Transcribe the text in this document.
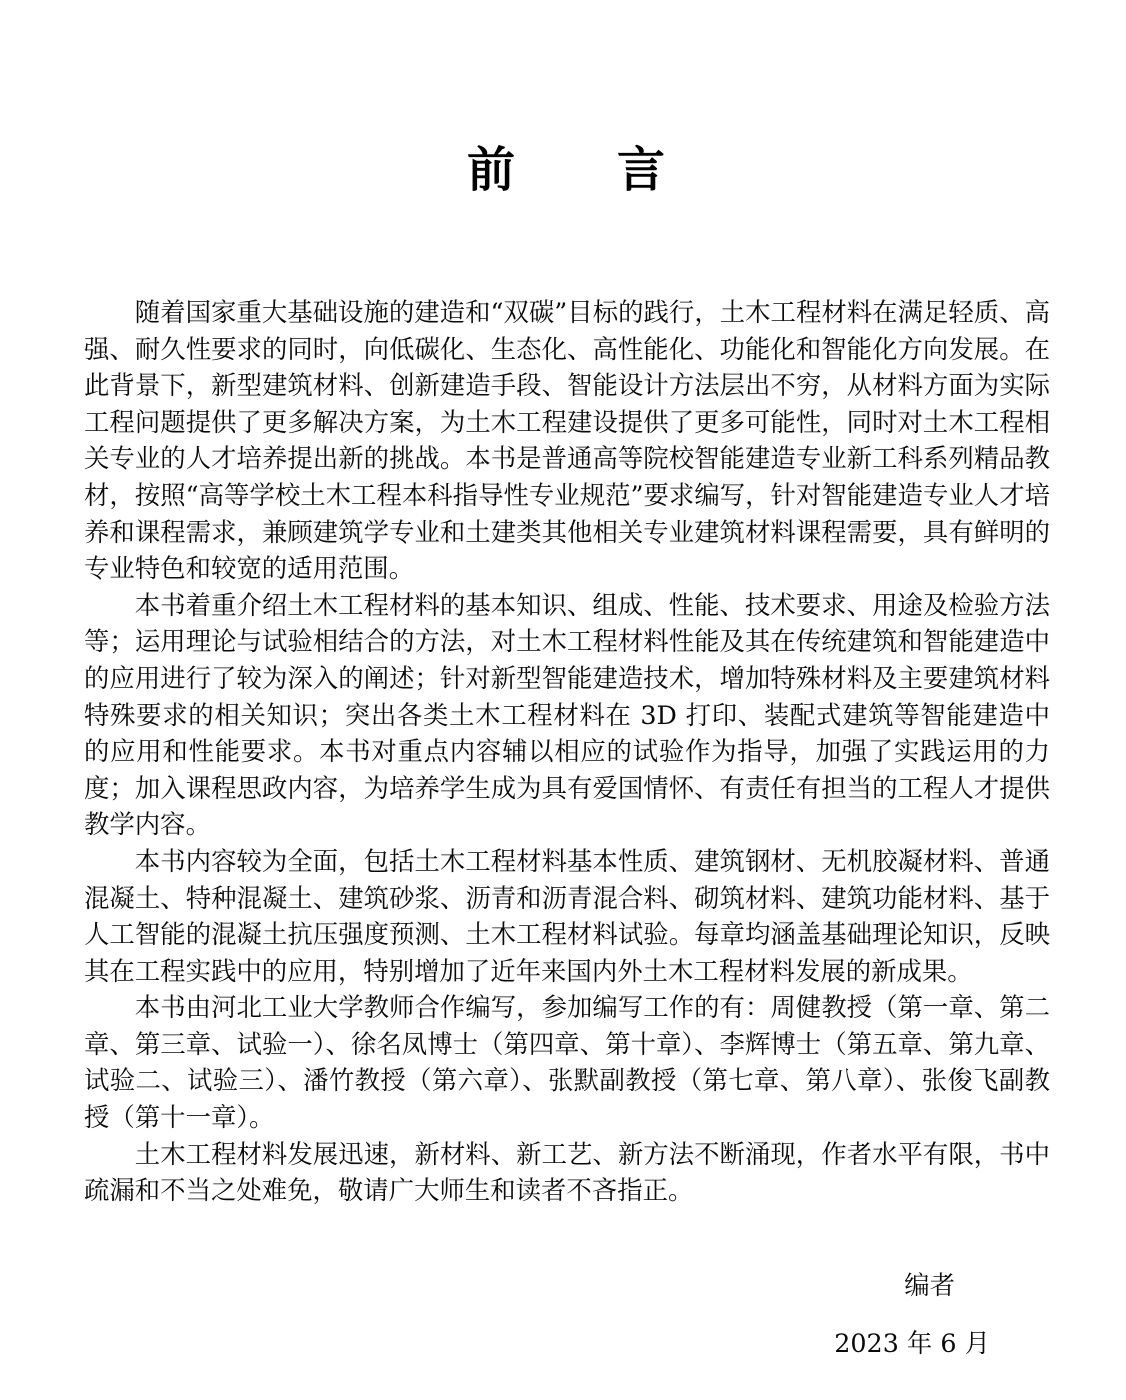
前　　言

随着国家重大基础设施的建造和“双碳”目标的践行，土木工程材料在满足轻质、高强、耐久性要求的同时，向低碳化、生态化、高性能化、功能化和智能化方向发展。在此背景下，新型建筑材料、创新建造手段、智能设计方法层出不穷，从材料方面为实际工程问题提供了更多解决方案，为土木工程建设提供了更多可能性，同时对土木工程相关专业的人才培养提出新的挑战。本书是普通高等院校智能建造专业新工科系列精品教材，按照“高等学校土木工程本科指导性专业规范”要求编写，针对智能建造专业人才培养和课程需求，兼顾建筑学专业和土建类其他相关专业建筑材料课程需要，具有鲜明的专业特色和较宽的适用范围。

本书着重介绍土木工程材料的基本知识、组成、性能、技术要求、用途及检验方法等；运用理论与试验相结合的方法，对土木工程材料性能及其在传统建筑和智能建造中的应用进行了较为深入的阐述；针对新型智能建造技术，增加特殊材料及主要建筑材料特殊要求的相关知识；突出各类土木工程材料在 3D 打印、装配式建筑等智能建造中的应用和性能要求。本书对重点内容辅以相应的试验作为指导，加强了实践运用的力度；加入课程思政内容，为培养学生成为具有爱国情怀、有责任有担当的工程人才提供教学内容。

本书内容较为全面，包括土木工程材料基本性质、建筑钢材、无机胶凝材料、普通混凝土、特种混凝土、建筑砂浆、沥青和沥青混合料、砌筑材料、建筑功能材料、基于人工智能的混凝土抗压强度预测、土木工程材料试验。每章均涵盖基础理论知识，反映其在工程实践中的应用，特别增加了近年来国内外土木工程材料发展的新成果。

本书由河北工业大学教师合作编写，参加编写工作的有：周健教授（第一章、第二章、第三章、试验一）、徐名凤博士（第四章、第十章）、李辉博士（第五章、第九章、试验二、试验三）、潘竹教授（第六章）、张默副教授（第七章、第八章）、张俊飞副教授（第十一章）。

土木工程材料发展迅速，新材料、新工艺、新方法不断涌现，作者水平有限，书中疏漏和不当之处难免，敬请广大师生和读者不吝指正。

编者
2023 年 6 月
